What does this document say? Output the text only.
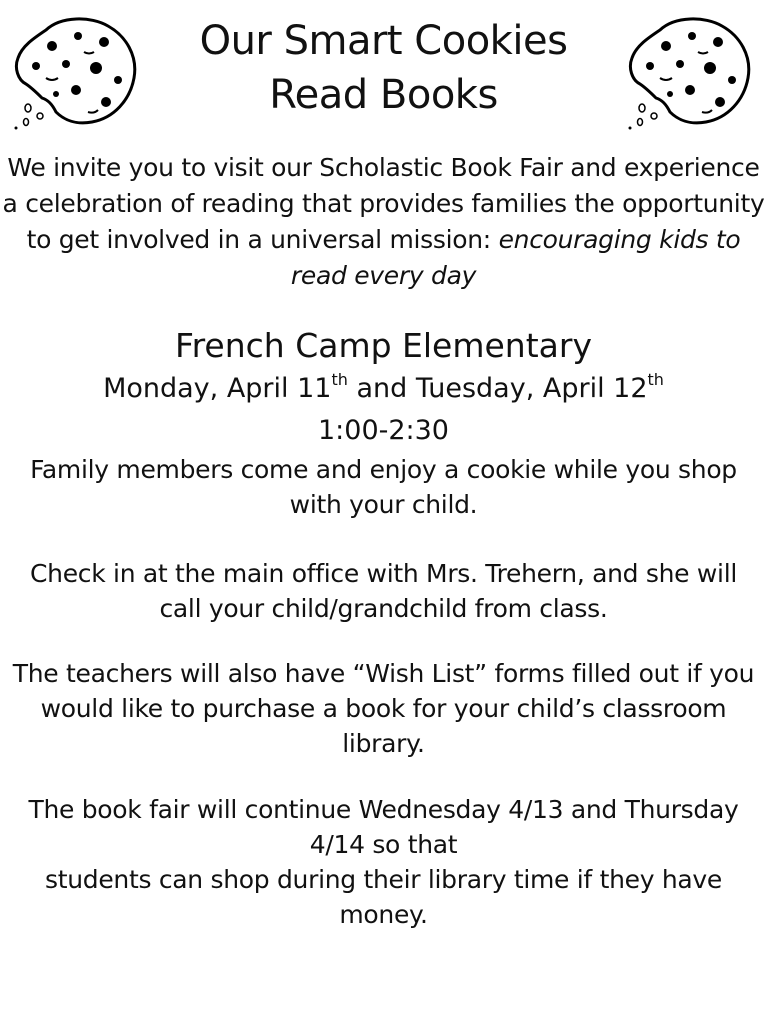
Our Smart Cookies
Read Books
We invite you to visit our Scholastic Book Fair and experience a celebration of reading that provides families the opportunity to get involved in a universal mission: encouraging kids to read every day
French Camp Elementary
Monday, April 11th and Tuesday, April 12th
1:00-2:30

Family members come and enjoy a cookie while you shop with your child.

Check in at the main office with Mrs. Trehern, and she will call your child/grandchild from class.

The teachers will also have “Wish List” forms filled out if you would like to purchase a book for your child’s classroom library.

The book fair will continue Wednesday 4/13 and Thursday 4/14 so that
students can shop during their library time if they have money.
